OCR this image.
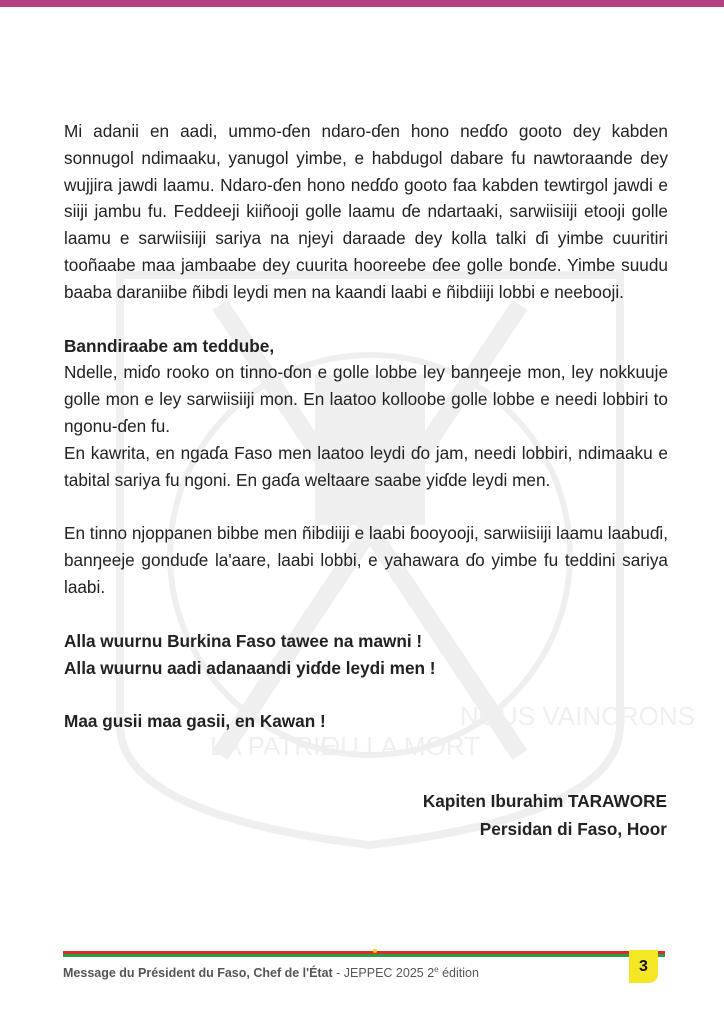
LA PATRIE
OU LA MORT
NOUS VAINCRONS

Mi adanii en aadi, ummo-ɗen ndaro-ɗen hono neɗɗo gooto dey kabden sonnugol ndimaaku, yanugol yimbe, e habdugol dabare fu nawtoraande dey wujjira jawdi laamu. Ndaro-ɗen hono neɗɗo gooto faa kabden tewtirgol jawdi e siiji jambu fu. Feddeeji kiiñooji golle laamu ɗe ndartaaki, sarwiisiiji etooji golle laamu e sarwiisiiji sariya na njeyi daraade dey kolla talki ɗi yimbe cuuritiri tooñaabe maa jambaabe dey cuurita hooreebe ɗee golle bonɗe. Yimbe suudu baaba daraniibe ñibdi leydi men na kaandi laabi e ñibdiiji lobbi e neebooji.

Banndiraabe am teddube,

Ndelle, miɗo rooko on tinno-ɗon e golle lobbe ley banŋeeje mon, ley nokkuuje golle mon e ley sarwiisiiji mon. En laatoo kolloobe golle lobbe e needi lobbiri to ngonu-ɗen fu.

En kawrita, en ngaɗa Faso men laatoo leydi ɗo jam, needi lobbiri, ndimaaku e tabital sariya fu ngoni. En gaɗa weltaare saabe yiɗde leydi men.

En tinno njoppanen bibbe men ñibdiiji e laabi ɓooyooji, sarwiisiiji laamu laabuɗi, banŋeeje gonduɗe la'aare, laabi lobbi, e yahawara ɗo yimbe fu teddini sariya laabi.

Alla wuurnu Burkina Faso tawee na mawni !

Alla wuurnu aadi adanaandi yiɗde leydi men !

Maa gusii maa gasii, en Kawan !

Kapiten Iburahim TARAWORE
Persidan di Faso, Hoor
Message du Président du Faso, Chef de l'État - JEPPEC 2025 2e édition	3
